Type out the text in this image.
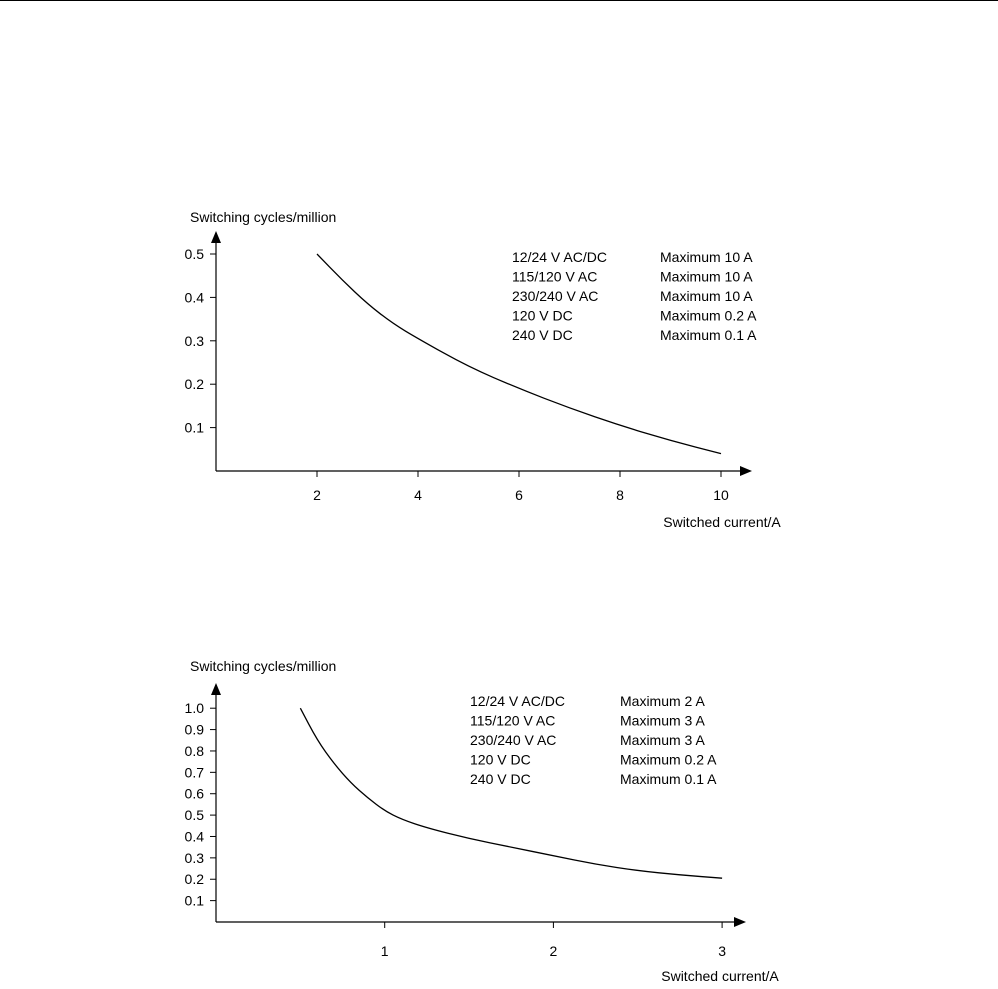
0.1
0.2
0.3
0.4
0.5
2	4	6	8	10
Switching cycles/million
Switched current/A
12/24 V AC/DC	Maximum 10 A
115/120 V AC	Maximum 10 A
230/240 V AC	Maximum 10 A
120 V DC	Maximum 0.2 A
240 V DC	Maximum 0.1 A
0.1
0.2
0.3
0.4
0.5
0.6
0.7
0.8
0.9
1.0
1	2	3
Switching cycles/million
Switched current/A
12/24 V AC/DC	Maximum 2 A
115/120 V AC	Maximum 3 A
230/240 V AC	Maximum 3 A
120 V DC	Maximum 0.2 A
240 V DC	Maximum 0.1 A
